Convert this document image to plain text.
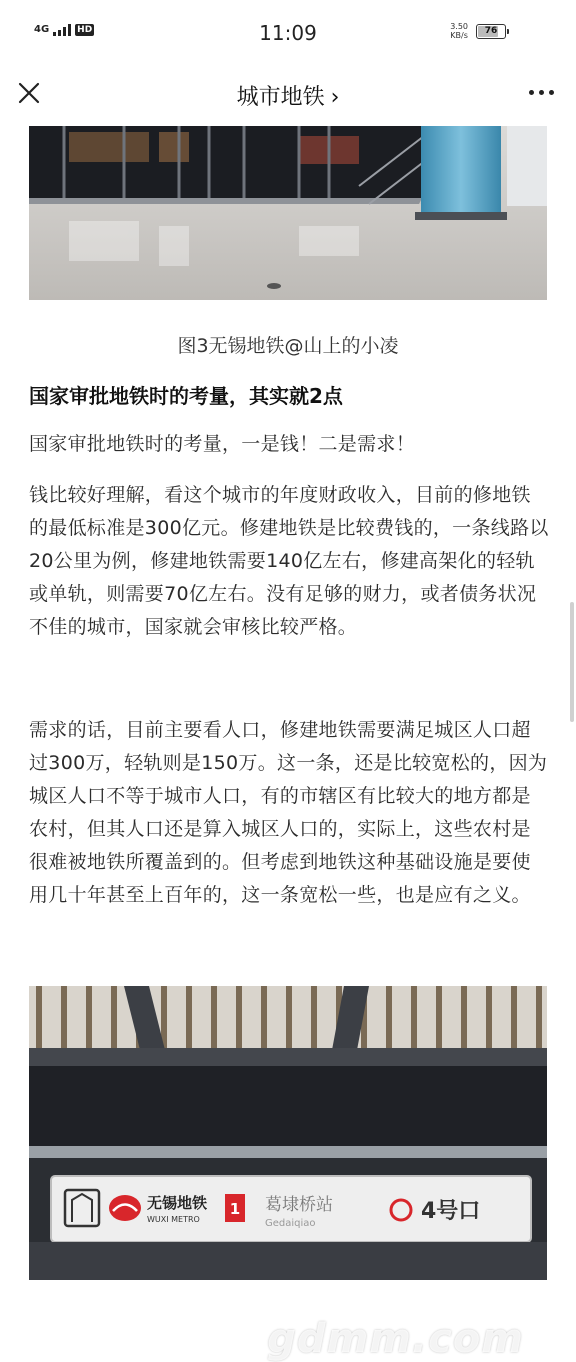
4G	HD	11:09	3.50
KB/s	76
城市地铁 ›
图3无锡地铁@山上的小凌
国家审批地铁时的考量，其实就2点

国家审批地铁时的考量，一是钱！二是需求！

钱比较好理解，看这个城市的年度财政收入，目前的修地铁的最低标准是300亿元。修建地铁是比较费钱的，一条线路以20公里为例，修建地铁需要140亿左右，修建高架化的轻轨或单轨，则需要70亿左右。没有足够的财力，或者债务状况不佳的城市，国家就会审核比较严格。

需求的话，目前主要看人口，修建地铁需要满足城区人口超过300万，轻轨则是150万。这一条，还是比较宽松的，因为城区人口不等于城市人口，有的市辖区有比较大的地方都是农村，但其人口还是算入城区人口的，实际上，这些农村是很难被地铁所覆盖到的。但考虑到地铁这种基础设施是要使用几十年甚至上百年的，这一条宽松一些，也是应有之义。

无锡地铁
WUXI METRO
1 葛埭桥站
Gedaiqiao	4号口
gdmm.com
